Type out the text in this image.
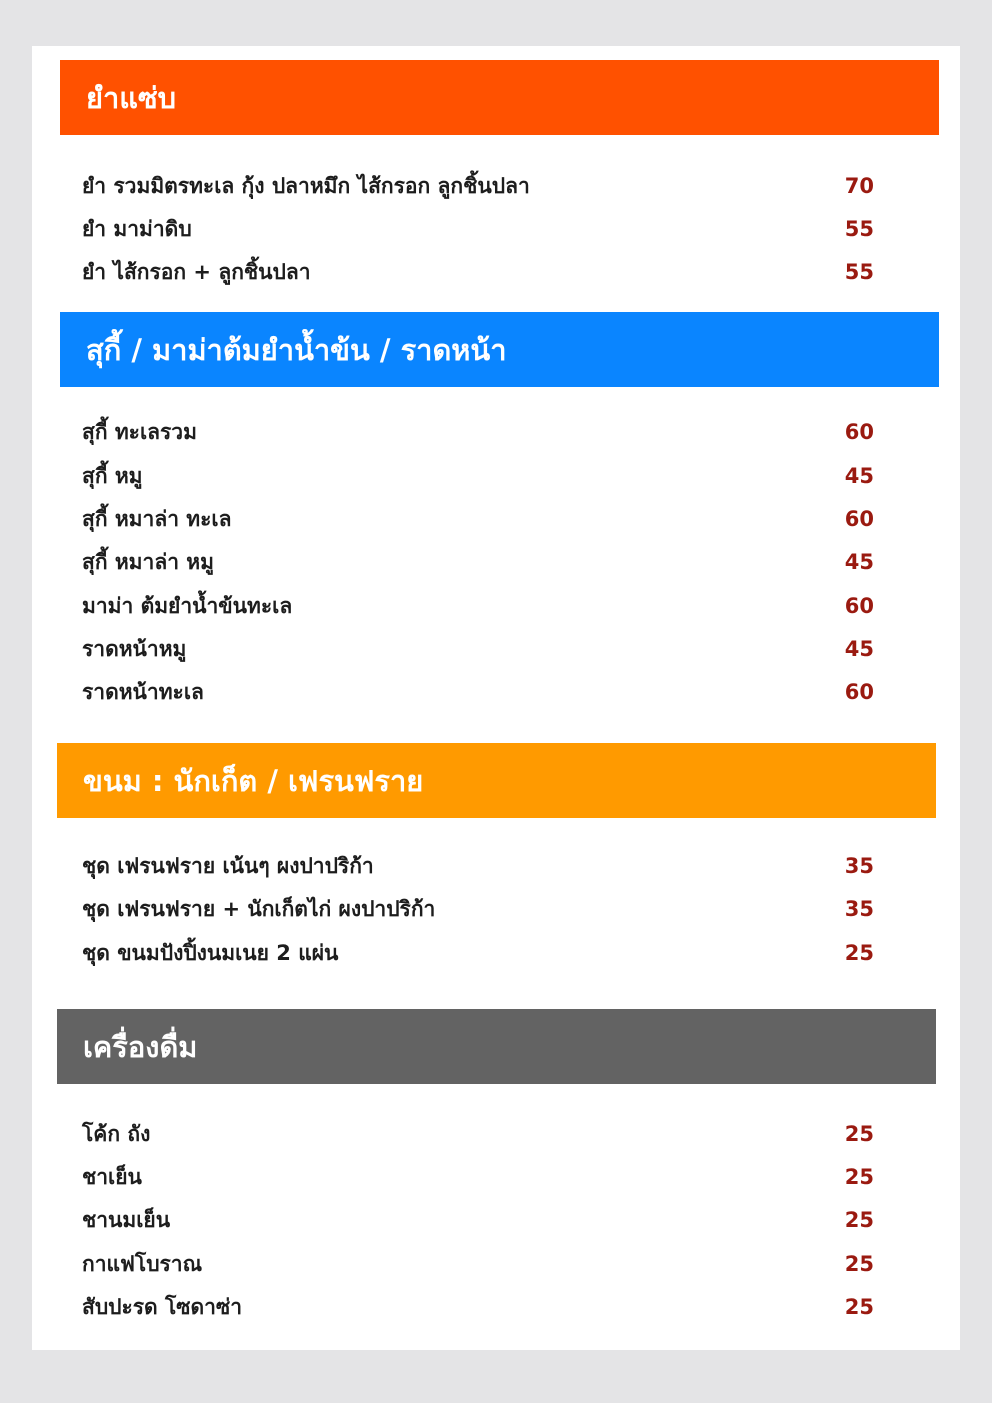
ยำแซ่บ
ยำ รวมมิตรทะเล กุ้ง ปลาหมึก ไส้กรอก ลูกชิ้นปลา	70
ยำ มาม่าดิบ	55
ยำ ไส้กรอก + ลูกชิ้นปลา	55
สุกี้ / มาม่าต้มยำน้ำข้น / ราดหน้า
สุกี้ ทะเลรวม	60
สุกี้ หมู	45
สุกี้ หมาล่า ทะเล	60
สุกี้ หมาล่า หมู	45
มาม่า ต้มยำน้ำข้นทะเล	60
ราดหน้าหมู	45
ราดหน้าทะเล	60
ขนม : นักเก็ต / เฟรนฟราย
ชุด เฟรนฟราย เน้นๆ ผงปาปริก้า	35
ชุด เฟรนฟราย + นักเก็ตไก่ ผงปาปริก้า	35
ชุด ขนมปังปิ้งนมเนย 2 แผ่น	25
เครื่องดื่ม
โค้ก ถัง	25
ชาเย็น	25
ชานมเย็น	25
กาแฟโบราณ	25
สับปะรด โซดาซ่า	25
